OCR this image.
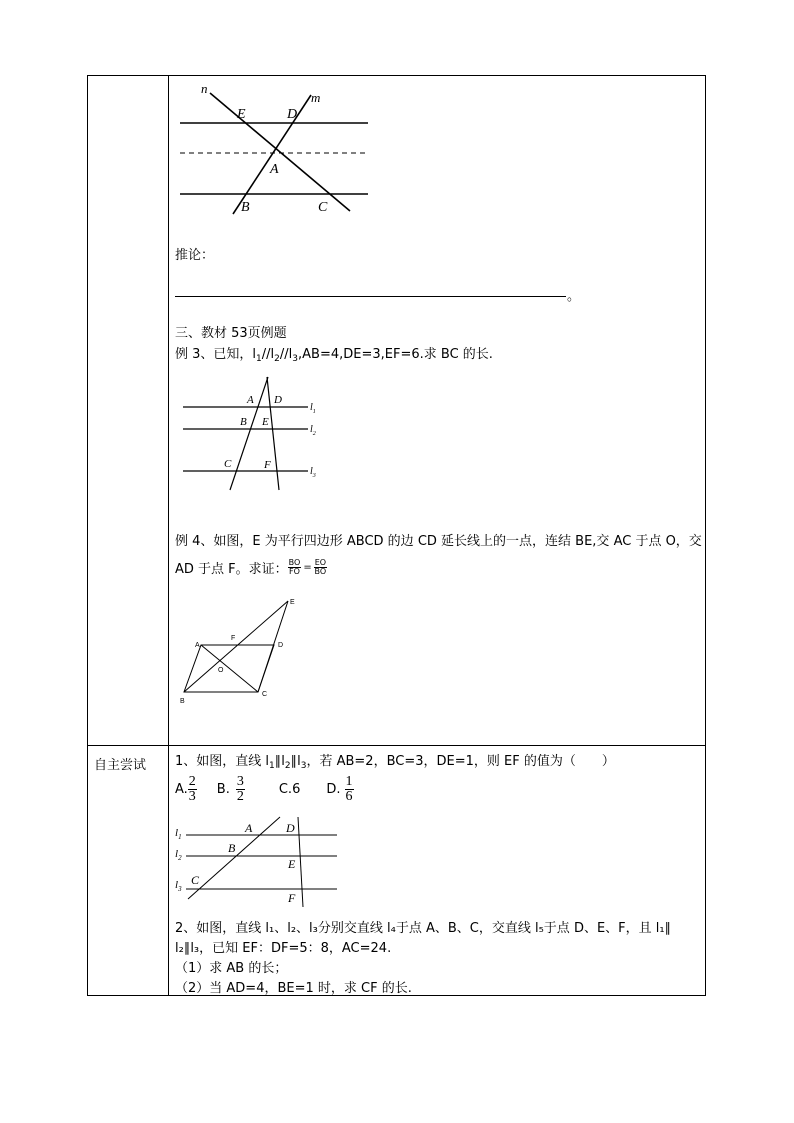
n
m
E	D
A
B	C
推论：
。
三、教材 53页例题
例 3、已知，$l_1//l_2//l_3,AB=4,DE=3,EF=6$.求 BC 的长.
A D
B E
C	F
$l_1$
$l_2$
$l_3$
例 4、如图，E 为平行四边形 ABCD 的边 CD 延长线上的一点，连结 BE,交 AC 于点 O，交
AD 于点 F。求证： $\frac{BO}{FO} = \frac{EO}{BO}$
E
A
F
D
O
B
C
自主尝试 1、如图，直线 $l_1\parallel l_2\parallel l_3$，若 AB=2，BC=3，DE=1，则 EF 的值为（　　）
A. $\frac{2}{3} B$. $\frac{3}{2}$	C.6 D. $\frac{1}{6}$
$l_1$
$l_2$
$l_3$
A	D
B
E
C
F
2、如图，直线 l₁、l₂、l₃分别交直线 l₄于点 A、B、C，交直线 l₅于点 D、E、F，且 l₁∥
l₂∥l₃，已知 EF：DF=5：8，AC=24.
（1）求 AB 的长；
（2）当 AD=4，BE=1 时，求 CF 的长.
